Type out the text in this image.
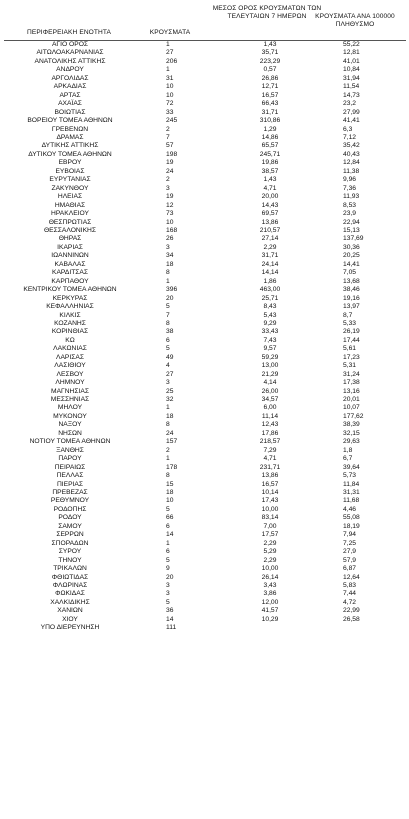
ΠΕΡΙΦΕΡΕΙΑΚΗ ΕΝΟΤΗΤΑ	ΚΡΟΥΣΜΑΤΑ
ΜΕΣΟΣ ΟΡΟΣ ΚΡΟΥΣΜΑΤΩΝ ΤΩΝ ΤΕΛΕΥΤΑΙΩΝ 7 ΗΜΕΡΩΝ	ΚΡΟΥΣΜΑΤΑ ΑΝΑ 100000 ΠΛΗΘΥΣΜΟ
ΑΓΙΟ ΟΡΟΣ	1	1,43	55,22
ΑΙΤΩΛΟΑΚΑΡΝΑΝΙΑΣ	27	35,71	12,81
ΑΝΑΤΟΛΙΚΗΣ ΑΤΤΙΚΗΣ	206	223,29	41,01
ΑΝΔΡΟΥ	1	0,57	10,84
ΑΡΓΟΛΙΔΑΣ	31	26,86	31,94
ΑΡΚΑΔΙΑΣ	10	12,71	11,54
ΑΡΤΑΣ	10	16,57	14,73
ΑΧΑΪΑΣ	72	66,43	23,2
ΒΟΙΩΤΙΑΣ	33	31,71	27,99
ΒΟΡΕΙΟΥ ΤΟΜΕΑ ΑΘΗΝΩΝ	245	310,86	41,41
ΓΡΕΒΕΝΩΝ	2	1,29	6,3
ΔΡΑΜΑΣ	7	14,86	7,12
ΔΥΤΙΚΗΣ ΑΤΤΙΚΗΣ	57	65,57	35,42
ΔΥΤΙΚΟΥ ΤΟΜΕΑ ΑΘΗΝΩΝ	198	245,71	40,43
ΕΒΡΟΥ	19	19,86	12,84
ΕΥΒΟΙΑΣ	24	38,57	11,38
ΕΥΡΥΤΑΝΙΑΣ	2	1,43	9,96
ΖΑΚΥΝΘΟΥ	3	4,71	7,36
ΗΛΕΙΑΣ	19	20,00	11,93
ΗΜΑΘΙΑΣ	12	14,43	8,53
ΗΡΑΚΛΕΙΟΥ	73	69,57	23,9
ΘΕΣΠΡΩΤΙΑΣ	10	13,86	22,94
ΘΕΣΣΑΛΟΝΙΚΗΣ	168	210,57	15,13
ΘΗΡΑΣ	26	27,14	137,69
ΙΚΑΡΙΑΣ	3	2,29	30,36
ΙΩΑΝΝΙΝΩΝ	34	31,71	20,25
ΚΑΒΑΛΑΣ	18	24,14	14,41
ΚΑΡΔΙΤΣΑΣ	8	14,14	7,05
ΚΑΡΠΑΘΟΥ	1	1,86	13,68
ΚΕΝΤΡΙΚΟΥ ΤΟΜΕΑ ΑΘΗΝΩΝ	396	463,00	38,46
ΚΕΡΚΥΡΑΣ	20	25,71	19,16
ΚΕΦΑΛΛΗΝΙΑΣ	5	8,43	13,97
ΚΙΛΚΙΣ	7	5,43	8,7
ΚΟΖΑΝΗΣ	8	9,29	5,33
ΚΟΡΙΝΘΙΑΣ	38	33,43	26,19
ΚΩ	6	7,43	17,44
ΛΑΚΩΝΙΑΣ	5	9,57	5,61
ΛΑΡΙΣΑΣ	49	59,29	17,23
ΛΑΣΙΘΙΟΥ	4	13,00	5,31
ΛΕΣΒΟΥ	27	21,29	31,24
ΛΗΜΝΟΥ	3	4,14	17,38
ΜΑΓΝΗΣΙΑΣ	25	26,00	13,16
ΜΕΣΣΗΝΙΑΣ	32	34,57	20,01
ΜΗΛΟΥ	1	6,00	10,07
ΜΥΚΟΝΟΥ	18	11,14	177,62
ΝΑΞΟΥ	8	12,43	38,39
ΝΗΣΩΝ	24	17,86	32,15
ΝΟΤΙΟΥ ΤΟΜΕΑ ΑΘΗΝΩΝ	157	218,57	29,63
ΞΑΝΘΗΣ	2	7,29	1,8
ΠΑΡΟΥ	1	4,71	6,7
ΠΕΙΡΑΙΩΣ	178	231,71	39,64
ΠΕΛΛΑΣ	8	13,86	5,73
ΠΙΕΡΙΑΣ	15	16,57	11,84
ΠΡΕΒΕΖΑΣ	18	10,14	31,31
ΡΕΘΥΜΝΟΥ	10	17,43	11,68
ΡΟΔΟΠΗΣ	5	10,00	4,46
ΡΟΔΟΥ	66	83,14	55,08
ΣΑΜΟΥ	6	7,00	18,19
ΣΕΡΡΩΝ	14	17,57	7,94
ΣΠΟΡΑΔΩΝ	1	2,29	7,25
ΣΥΡΟΥ	6	5,29	27,9
ΤΗΝΟΥ	5	2,29	57,9
ΤΡΙΚΑΛΩΝ	9	10,00	6,87
ΦΘΙΩΤΙΔΑΣ	20	26,14	12,64
ΦΛΩΡΙΝΑΣ	3	3,43	5,83
ΦΩΚΙΔΑΣ	3	3,86	7,44
ΧΑΛΚΙΔΙΚΗΣ	5	12,00	4,72
ΧΑΝΙΩΝ	36	41,57	22,99
ΧΙΟΥ	14	10,29	26,58
ΥΠΟ ΔΙΕΡΕΥΝΗΣΗ	111		
